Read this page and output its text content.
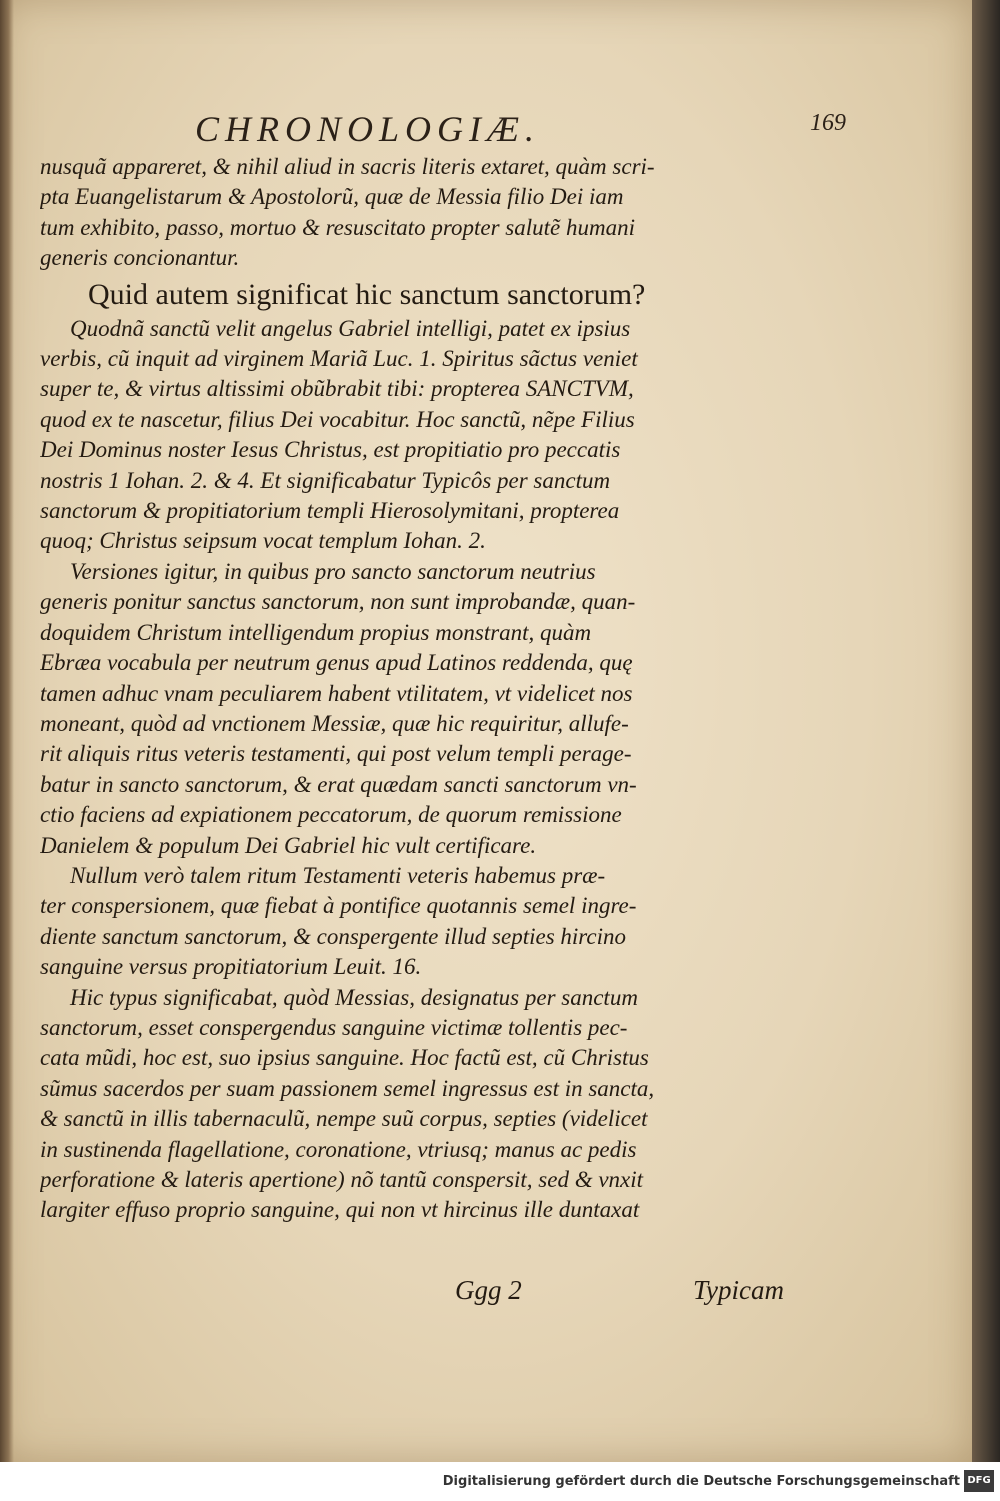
CHRONOLOGIÆ.	169
nusquã appareret, & nihil aliud in sacris literis extaret, quàm scri-
pta Euangelistarum & Apostolorũ, quæ de Messia filio Dei iam
tum exhibito, passo, mortuo & resuscitato propter salutẽ humani
generis concionantur.
Quid autem significat hic sanctum sanctorum?
Quodnã sanctũ velit angelus Gabriel intelligi, patet ex ipsius
verbis, cũ inquit ad virginem Mariã Luc. 1. Spiritus sãctus veniet
super te, & virtus altissimi obũbrabit tibi: propterea SANCTVM,
quod ex te nascetur, filius Dei vocabitur. Hoc sanctũ, nẽpe Filius
Dei Dominus noster Iesus Christus, est propitiatio pro peccatis
nostris 1 Iohan. 2. & 4. Et significabatur Typicôs per sanctum
sanctorum & propitiatorium templi Hierosolymitani, propterea
quoq; Christus seipsum vocat templum Iohan. 2.
Versiones igitur, in quibus pro sancto sanctorum neutrius
generis ponitur sanctus sanctorum, non sunt improbandæ, quan-
doquidem Christum intelligendum propius monstrant, quàm
Ebræa vocabula per neutrum genus apud Latinos reddenda, quę
tamen adhuc vnam peculiarem habent vtilitatem, vt videlicet nos
moneant, quòd ad vnctionem Messiæ, quæ hic requiritur, allufe-
rit aliquis ritus veteris testamenti, qui post velum templi perage-
batur in sancto sanctorum, & erat quædam sancti sanctorum vn-
ctio faciens ad expiationem peccatorum, de quorum remissione
Danielem & populum Dei Gabriel hic vult certificare.
Nullum verò talem ritum Testamenti veteris habemus præ-
ter conspersionem, quæ fiebat à pontifice quotannis semel ingre-
diente sanctum sanctorum, & conspergente illud septies hircino
sanguine versus propitiatorium Leuit. 16.
Hic typus significabat, quòd Messias, designatus per sanctum
sanctorum, esset conspergendus sanguine victimæ tollentis pec-
cata mũdi, hoc est, suo ipsius sanguine. Hoc factũ est, cũ Christus
sũmus sacerdos per suam passionem semel ingressus est in sancta,
& sanctũ in illis tabernaculũ, nempe suũ corpus, septies (videlicet
in sustinenda flagellatione, coronatione, vtriusq; manus ac pedis
perforatione & lateris apertione) nõ tantũ conspersit, sed & vnxit
largiter effuso proprio sanguine, qui non vt hircinus ille duntaxat
Ggg 2	Typicam
Digitalisierung gefördert durch die Deutsche Forschungsgemeinschaft DFG
